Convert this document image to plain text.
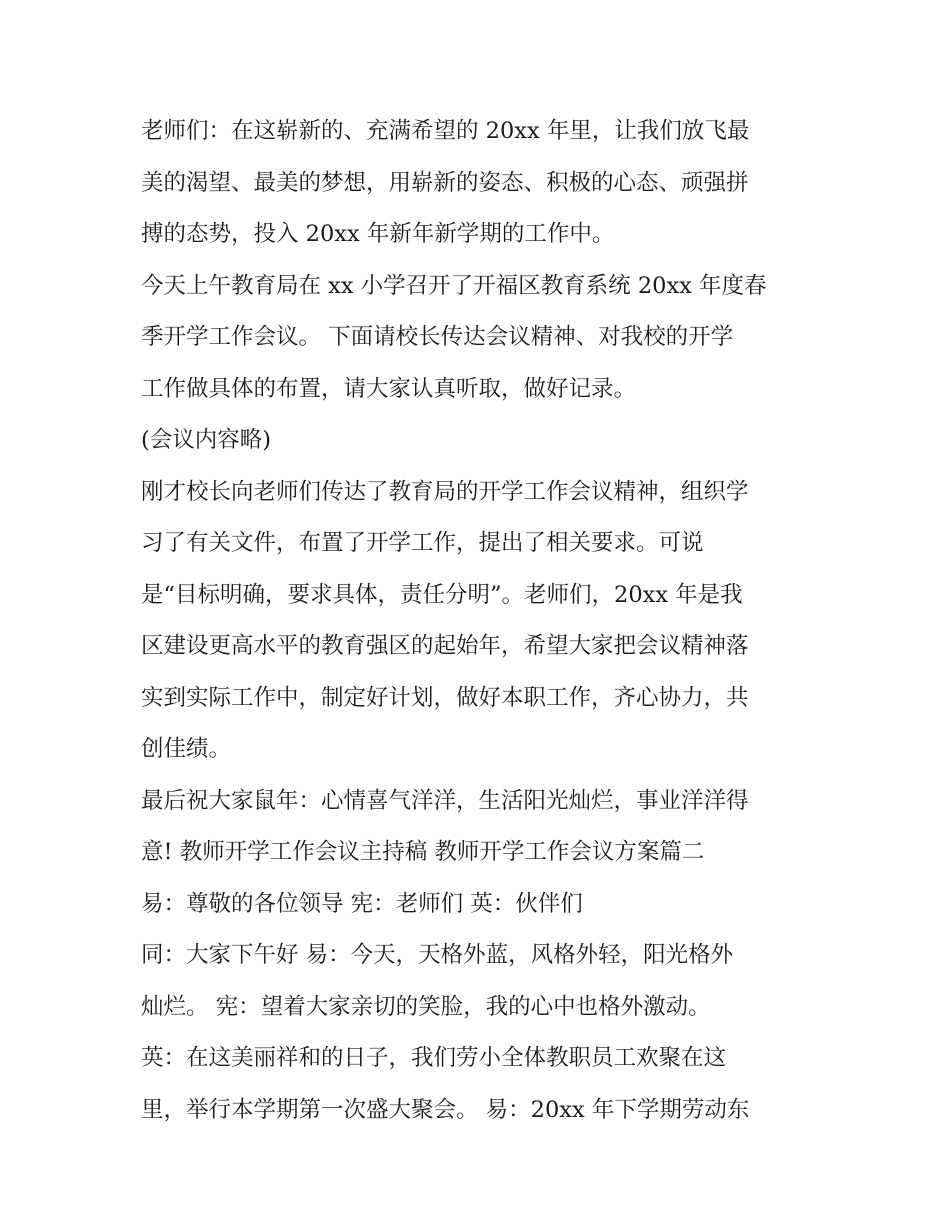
老师们：在这崭新的、充满希望的 20xx 年里，让我们放飞最
美的渴望、最美的梦想，用崭新的姿态、积极的心态、顽强拼
搏的态势，投入 20xx 年新年新学期的工作中。
今天上午教育局在 xx 小学召开了开福区教育系统 20xx 年度春
季开学工作会议。 下面请校长传达会议精神、对我校的开学
工作做具体的布置，请大家认真听取，做好记录。
(会议内容略)
刚才校长向老师们传达了教育局的开学工作会议精神，组织学
习了有关文件，布置了开学工作，提出了相关要求。可说
是“目标明确，要求具体，责任分明”。老师们，20xx 年是我
区建设更高水平的教育强区的起始年，希望大家把会议精神落
实到实际工作中，制定好计划，做好本职工作，齐心协力，共
创佳绩。
最后祝大家鼠年：心情喜气洋洋，生活阳光灿烂，事业洋洋得
意! 教师开学工作会议主持稿 教师开学工作会议方案篇二
易：尊敬的各位领导 宪：老师们 英：伙伴们
同：大家下午好 易：今天，天格外蓝，风格外轻，阳光格外
灿烂。 宪：望着大家亲切的笑脸，我的心中也格外激动。
英：在这美丽祥和的日子，我们劳小全体教职员工欢聚在这
里，举行本学期第一次盛大聚会。 易：20xx 年下学期劳动东
